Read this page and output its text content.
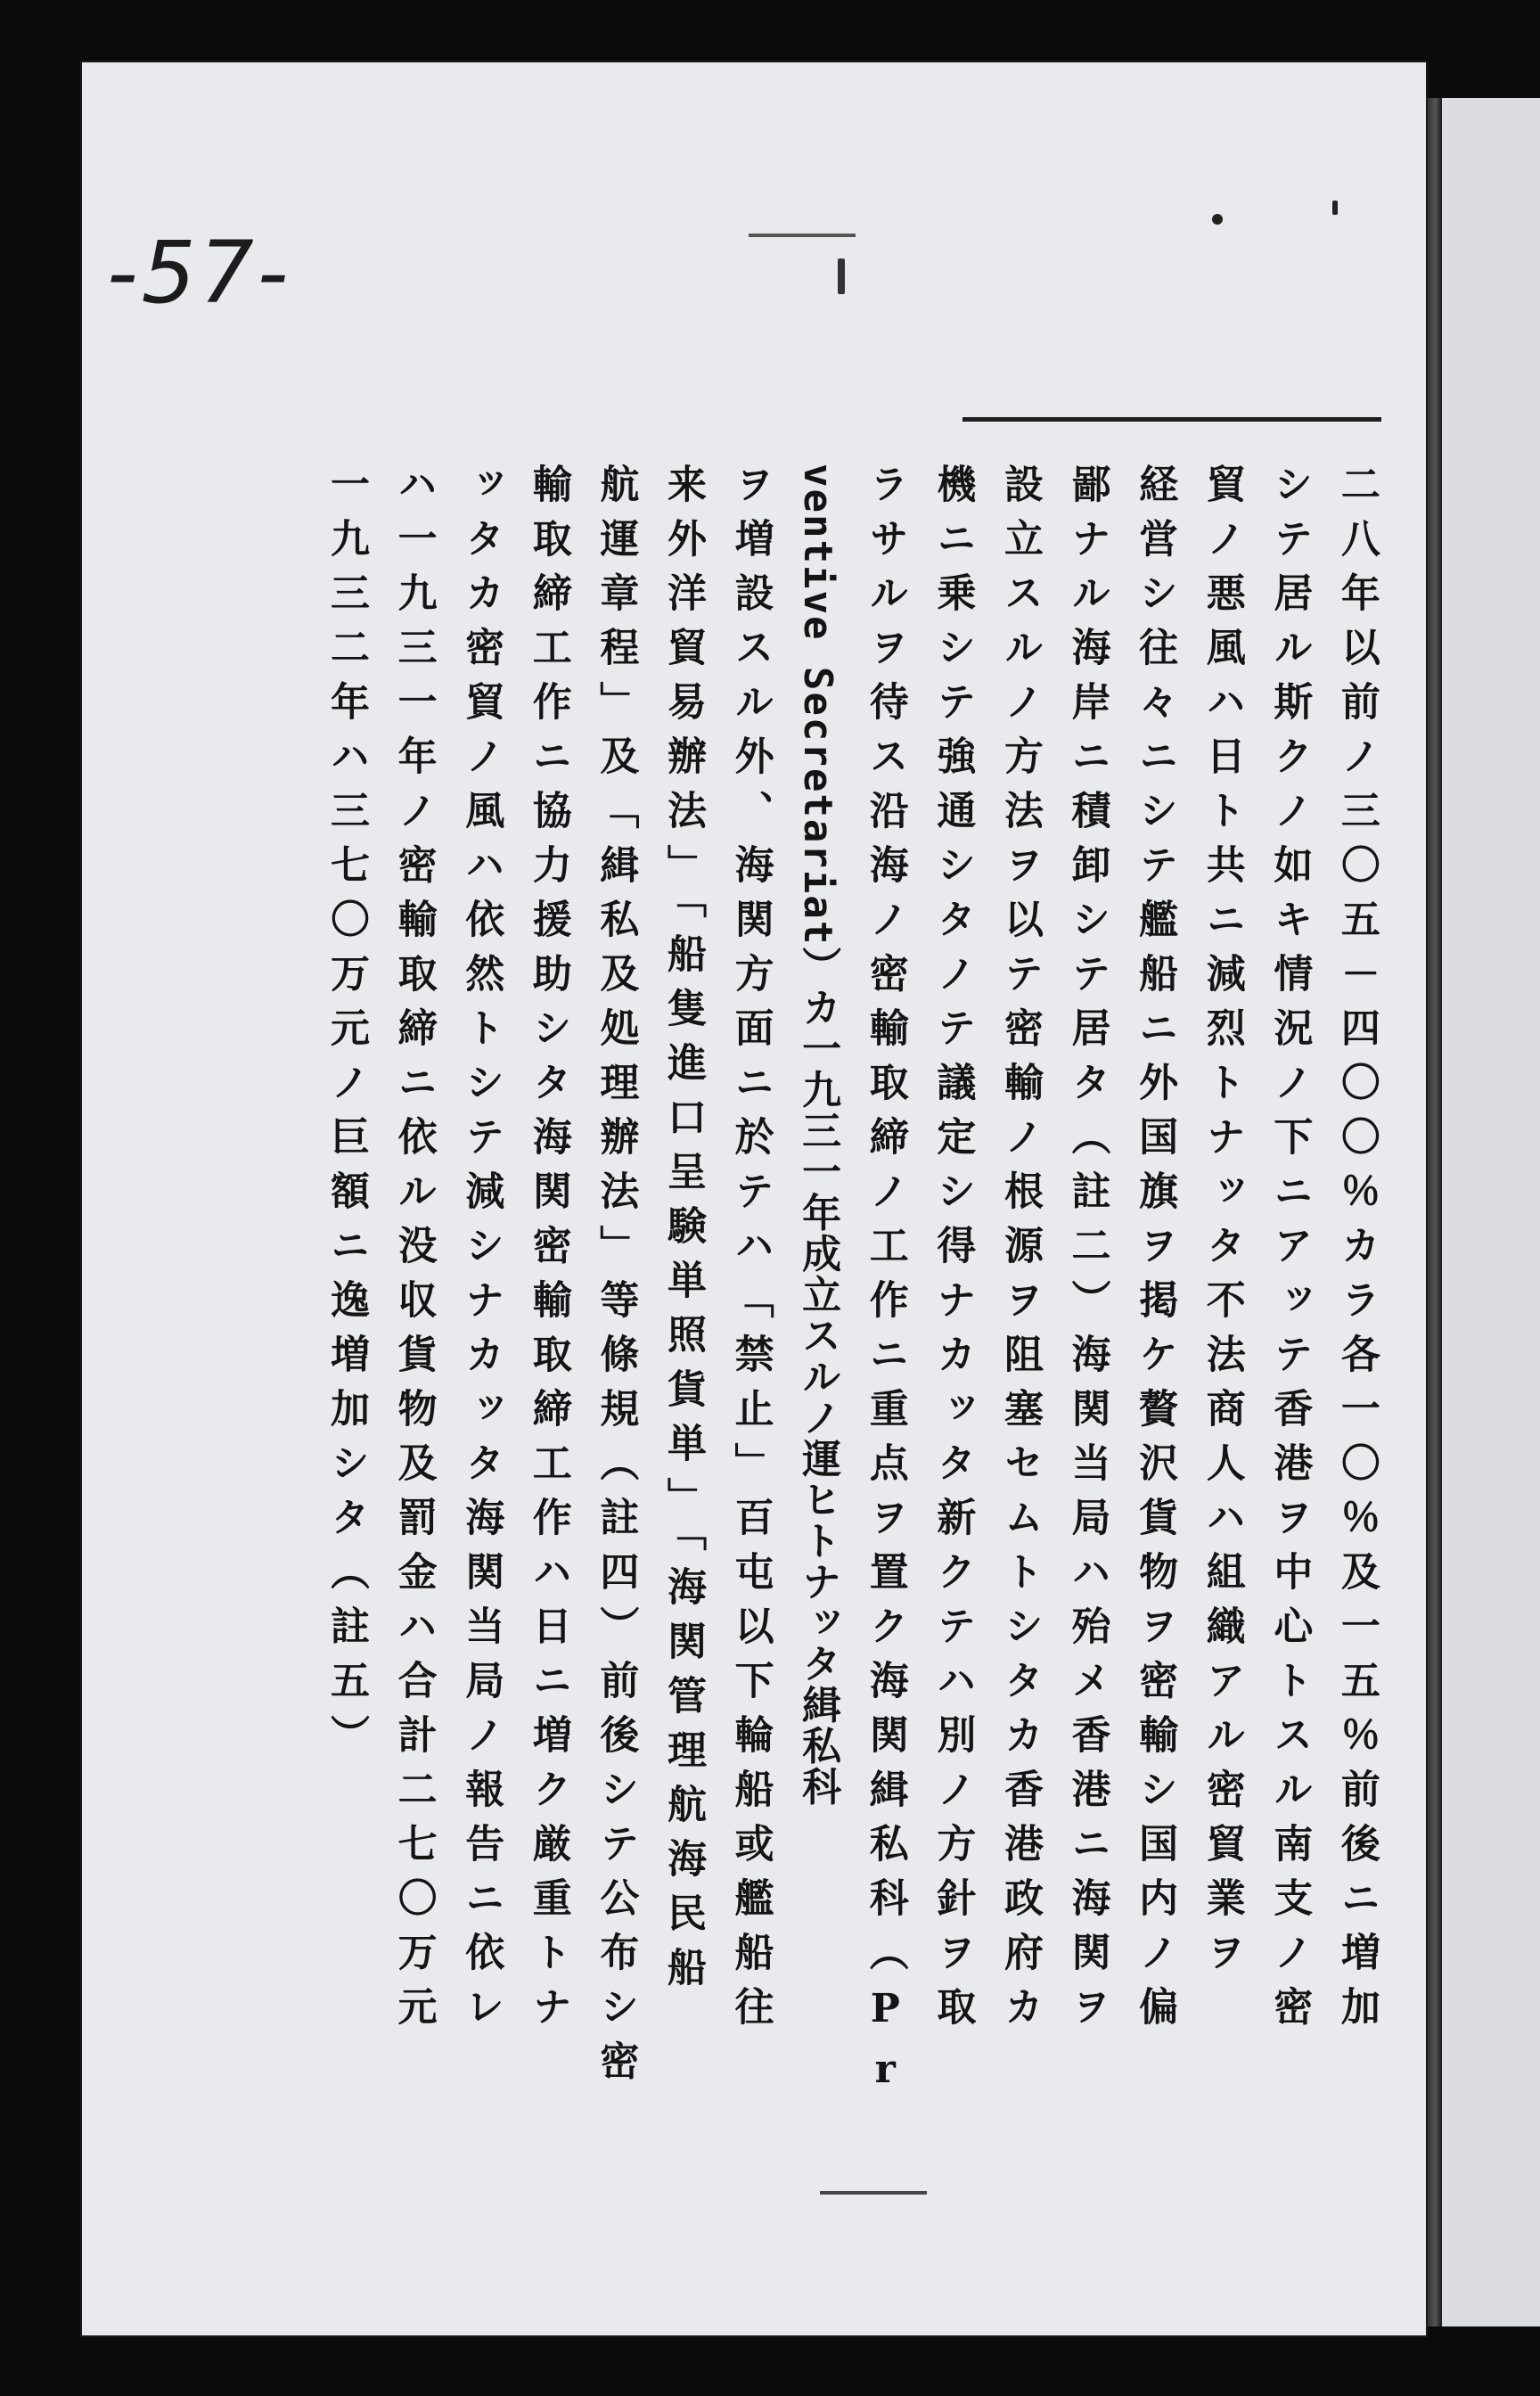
-57-
二八年以前ノ三〇五－四〇〇％カラ各一〇％及一五％前後ニ増加
シテ居ル斯クノ如キ情況ノ下ニアッテ香港ヲ中心トスル南支ノ密
貿ノ悪風ハ日ト共ニ減烈トナッタ不法商人ハ組織アル密貿業ヲ
経営シ往々ニシテ艦船ニ外国旗ヲ掲ケ贅沢貨物ヲ密輸シ国内ノ偏
鄙ナル海岸ニ積卸シテ居タ（註二）海関当局ハ殆メ香港ニ海関ヲ
設立スルノ方法ヲ以テ密輸ノ根源ヲ阻塞セムトシタカ香港政府カ
機ニ乗シテ強通シタノテ議定シ得ナカッタ新クテハ別ノ方針ヲ取
ラサルヲ待ス沿海ノ密輸取締ノ工作ニ重点ヲ置ク海関緝私科（Pr
ventive Secretariat）カ一九三一年成立スルノ運ヒトナッタ緝私科
ヲ増設スル外、海関方面ニ於テハ「禁止」百屯以下輪船或艦船往
来外洋貿易辦法」「船隻進口呈験単照貨単」「海関管理航海民船
航運章程」及「緝私及処理辦法」等條規（註四）前後シテ公布シ密
輸取締工作ニ協力援助シタ海関密輸取締工作ハ日ニ増ク厳重トナ
ッタカ密貿ノ風ハ依然トシテ減シナカッタ海関当局ノ報告ニ依レ
ハ一九三一年ノ密輸取締ニ依ル没収貨物及罰金ハ合計二七〇万元
一九三二年ハ三七〇万元ノ巨額ニ逸増加シタ（註五）
